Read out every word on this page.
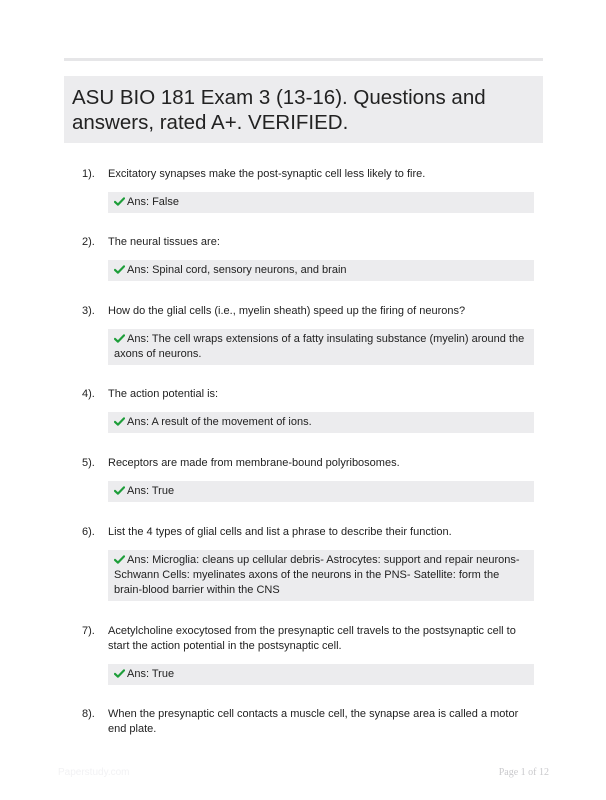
ASU BIO 181 Exam 3 (13-16). Questions and answers, rated A+. VERIFIED.
1).	Excitatory synapses make the post-synaptic cell less likely to fire.
Ans: False
2).	The neural tissues are:
Ans: Spinal cord, sensory neurons, and brain
3).	How do the glial cells (i.e., myelin sheath) speed up the firing of neurons?
Ans: The cell wraps extensions of a fatty insulating substance (myelin) around the axons of neurons.
4).	The action potential is:
Ans: A result of the movement of ions.
5).	Receptors are made from membrane-bound polyribosomes.
Ans: True
6).	List the 4 types of glial cells and list a phrase to describe their function.
Ans: Microglia: cleans up cellular debris- Astrocytes: support and repair neurons- Schwann Cells: myelinates axons of the neurons in the PNS- Satellite: form the brain-blood barrier within the CNS
7).	Acetylcholine exocytosed from the presynaptic cell travels to the postsynaptic cell to start the action potential in the postsynaptic cell.
Ans: True
8).	When the presynaptic cell contacts a muscle cell, the synapse area is called a motor end plate.
Paperstudy.com	Page 1 of 12
